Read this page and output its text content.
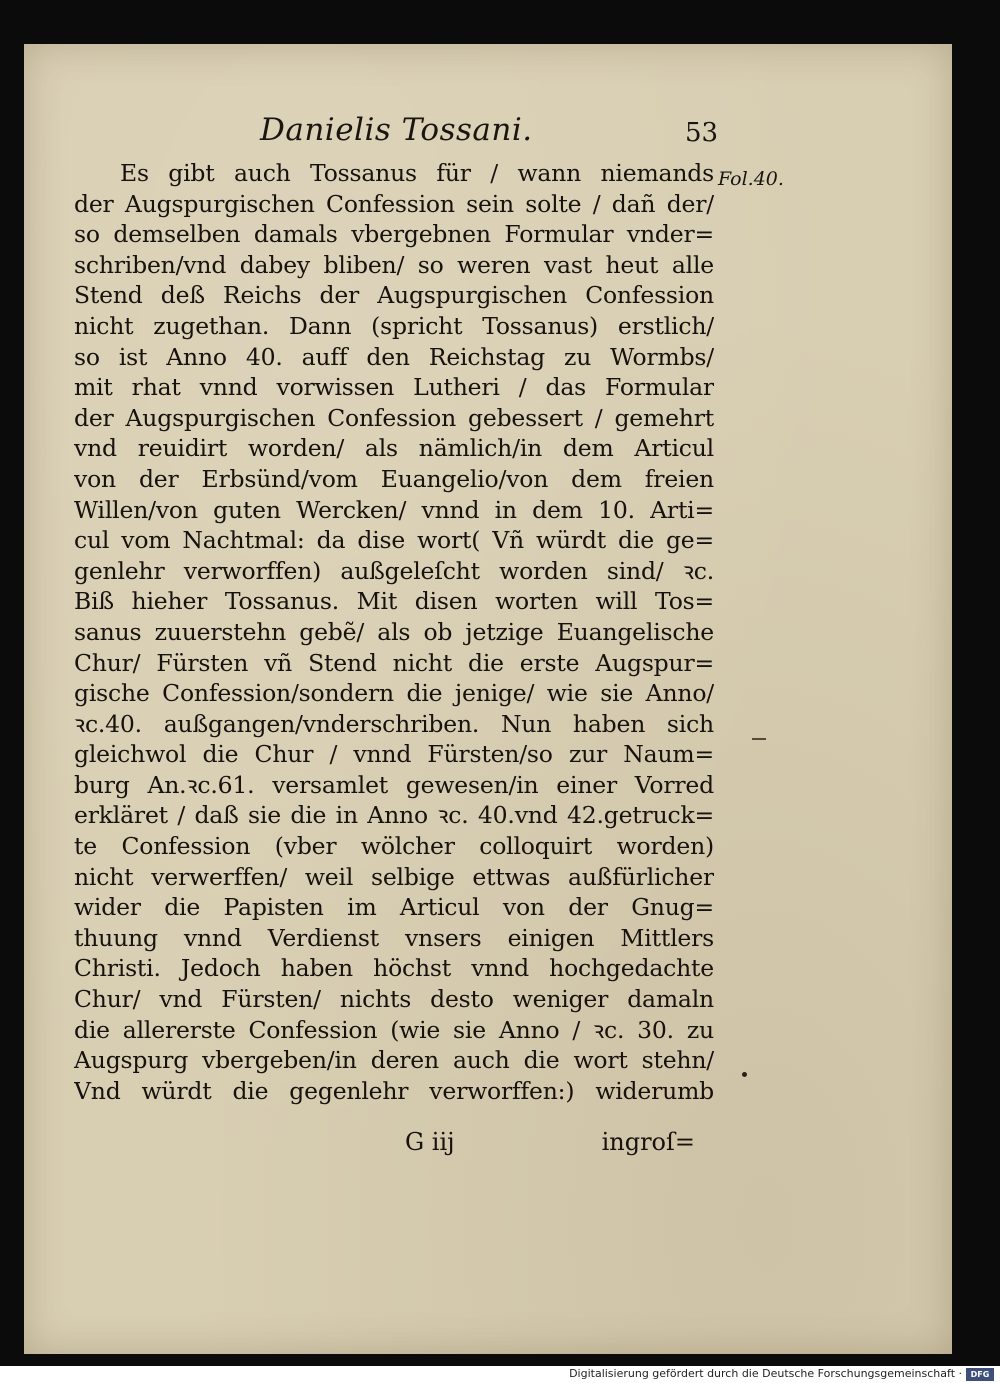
Danielis Tossani.	53
Fol.40.
Es gibt auch Tossanus für / wann niemands
der Augspurgischen Confession sein solte / dañ der/
so demselben damals vbergebnen Formular vnder=
schriben/vnd dabey bliben/ so weren vast heut alle
Stend deß Reichs der Augspurgischen Confession
nicht zugethan. Dann (spricht Tossanus) erstlich/
so ist Anno 40. auff den Reichstag zu Wormbs/
mit rhat vnnd vorwissen Lutheri / das Formular
der Augspurgischen Confession gebessert / gemehrt
vnd reuidirt worden/ als nämlich/in dem Articul
von der Erbsünd/vom Euangelio/von dem freien
Willen/von guten Wercken/ vnnd in dem 10. Arti=
cul vom Nachtmal: da dise wort( Vñ würdt die ge=
genlehr verworffen) außgeleſcht worden sind/ ꝛc.
Biß hieher Tossanus. Mit disen worten will Tos=
sanus zuuerstehn gebẽ/ als ob jetzige Euangelische
Chur/ Fürsten vñ Stend nicht die erste Augspur=
gische Confession/sondern die jenige/ wie sie Anno/
ꝛc.40. außgangen/vnderschriben. Nun haben sich
gleichwol die Chur / vnnd Fürsten/so zur Naum=
burg An.ꝛc.61. versamlet gewesen/in einer Vorred
erkläret / daß sie die in Anno ꝛc. 40.vnd 42.getruck=
te Confession (vber wölcher colloquirt worden)
nicht verwerffen/ weil selbige ettwas außfürlicher
wider die Papisten im Articul von der Gnug=
thuung vnnd Verdienst vnsers einigen Mittlers
Christi. Jedoch haben höchst vnnd hochgedachte
Chur/ vnd Fürsten/ nichts desto weniger damaln
die allererste Confession (wie sie Anno / ꝛc. 30. zu
Augspurg vbergeben/in deren auch die wort stehn/
Vnd würdt die gegenlehr verworffen:) widerumb
G iij	ingroſ=
Digitalisierung gefördert durch die Deutsche Forschungsgemeinschaft ·	DFG
